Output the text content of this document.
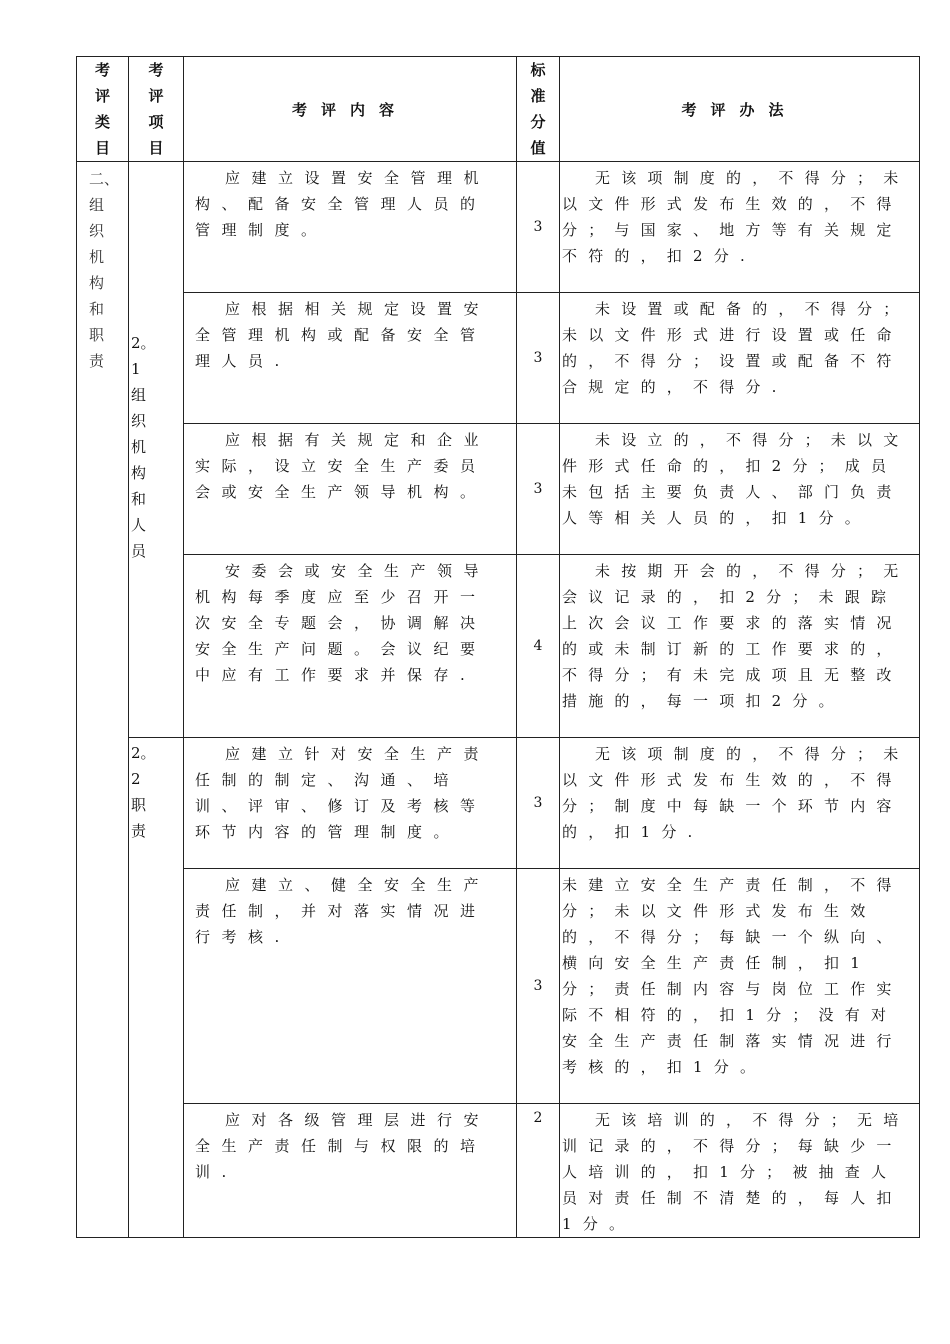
考评类目	考评项目	考评内容	标准分值	考评办法

二、组织机构和职责	2。1组织机构和人员	应建立设置安全管理机构、配备安全管理人员的管理制度。	3	无该项制度的，不得分；未以文件形式发布生效的，不得分；与国家、地方等有关规定不符的，扣2分.
		应根据相关规定设置安全管理机构或配备安全管理人员.	3	未设置或配备的，不得分；未以文件形式进行设置或任命的，不得分；设置或配备不符合规定的，不得分.
		应根据有关规定和企业实际，设立安全生产委员会或安全生产领导机构。	3	未设立的，不得分；未以文件形式任命的，扣2分；成员未包括主要负责人、部门负责人等相关人员的，扣1分。
		安委会或安全生产领导机构每季度应至少召开一次安全专题会，协调解决安全生产问题。会议纪要中应有工作要求并保存.	4	未按期开会的，不得分；无会议记录的，扣2分；未跟踪上次会议工作要求的落实情况的或未制订新的工作要求的，不得分；有未完成项且无整改措施的，每一项扣2分。

	2。2职责	应建立针对安全生产责任制的制定、沟通、培训、评审、修订及考核等环节内容的管理制度。	3	无该项制度的，不得分；未以文件形式发布生效的，不得分；制度中每缺一个环节内容的，扣1分.
		应建立、健全安全生产责任制，并对落实情况进行考核.	3	未建立安全生产责任制，不得分；未以文件形式发布生效的，不得分；每缺一个纵向、横向安全生产责任制，扣1分；责任制内容与岗位工作实际不相符的，扣1分；没有对安全生产责任制落实情况进行考核的，扣1分。
		应对各级管理层进行安全生产责任制与权限的培训.	2	无该培训的，不得分；无培训记录的，不得分；每缺少一人培训的，扣1分；被抽查人员对责任制不清楚的，每人扣1分。
